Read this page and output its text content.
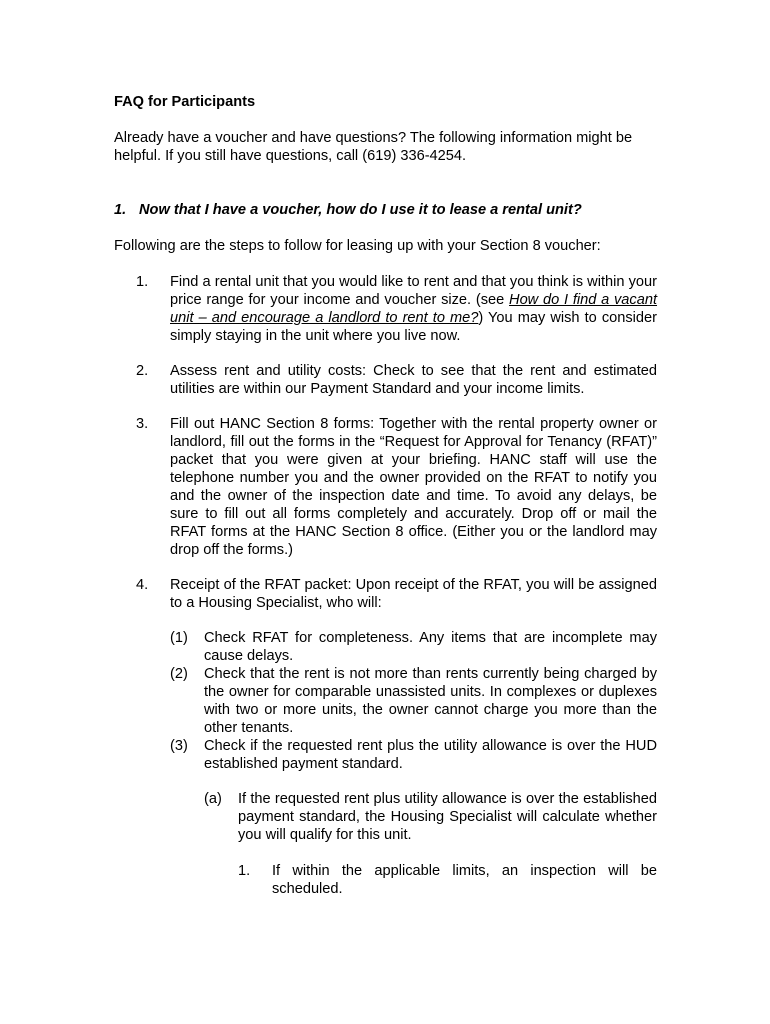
FAQ for Participants
Already have a voucher and have questions? The following information might be helpful. If you still have questions, call (619) 336-4254.
1. Now that I have a voucher, how do I use it to lease a rental unit?
Following are the steps to follow for leasing up with your Section 8 voucher:
1. Find a rental unit that you would like to rent and that you think is within your price range for your income and voucher size. (see How do I find a vacant unit – and encourage a landlord to rent to me?) You may wish to consider simply staying in the unit where you live now.
2. Assess rent and utility costs: Check to see that the rent and estimated utilities are within our Payment Standard and your income limits.
3. Fill out HANC Section 8 forms: Together with the rental property owner or landlord, fill out the forms in the “Request for Approval for Tenancy (RFAT)” packet that you were given at your briefing. HANC staff will use the telephone number you and the owner provided on the RFAT to notify you and the owner of the inspection date and time. To avoid any delays, be sure to fill out all forms completely and accurately. Drop off or mail the RFAT forms at the HANC Section 8 office. (Either you or the landlord may drop off the forms.)
4. Receipt of the RFAT packet: Upon receipt of the RFAT, you will be assigned to a Housing Specialist, who will:
(1) Check RFAT for completeness. Any items that are incomplete may cause delays.
(2) Check that the rent is not more than rents currently being charged by the owner for comparable unassisted units. In complexes or duplexes with two or more units, the owner cannot charge you more than the other tenants.
(3) Check if the requested rent plus the utility allowance is over the HUD established payment standard.
(a) If the requested rent plus utility allowance is over the established payment standard, the Housing Specialist will calculate whether you will qualify for this unit.
1. If within the applicable limits, an inspection will be scheduled.
